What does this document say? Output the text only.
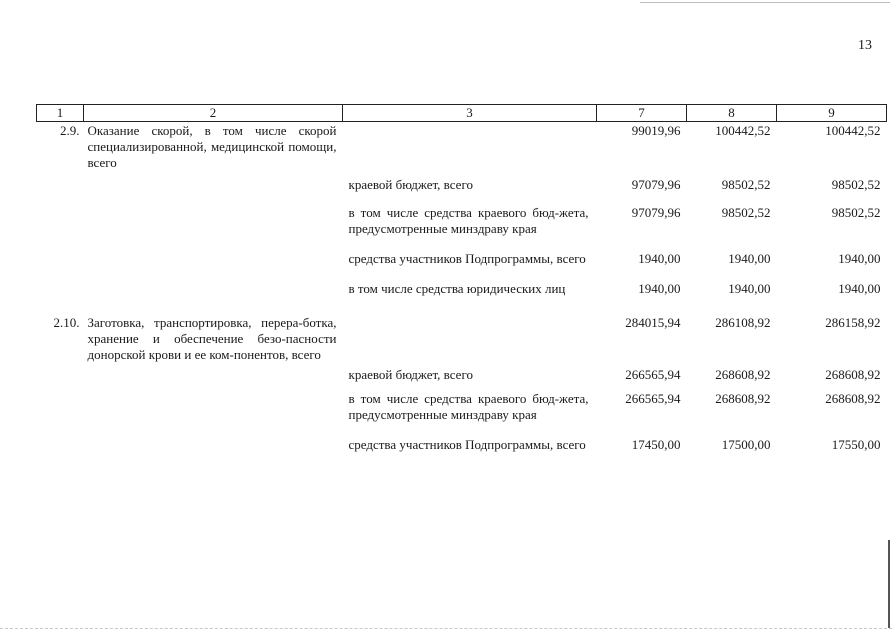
13
1	2	3	7	8	9
2.9.	Оказание скорой, в том числе скорой специализированной, медицинской помощи, всего		99019,96	100442,52	100442,52
		краевой бюджет, всего	97079,96	98502,52	98502,52
		в том числе средства краевого бюд-жета, предусмотренные минздраву края	97079,96	98502,52	98502,52
		средства участников Подпрограммы, всего	1940,00	1940,00	1940,00
		в том числе средства юридических лиц	1940,00	1940,00	1940,00
2.10.	Заготовка, транспортировка, перера-ботка, хранение и обеспечение безо-пасности донорской крови и ее ком-понентов, всего		284015,94	286108,92	286158,92
		краевой бюджет, всего	266565,94	268608,92	268608,92
		в том числе средства краевого бюд-жета, предусмотренные минздраву края	266565,94	268608,92	268608,92
		средства участников Подпрограммы, всего	17450,00	17500,00	17550,00
